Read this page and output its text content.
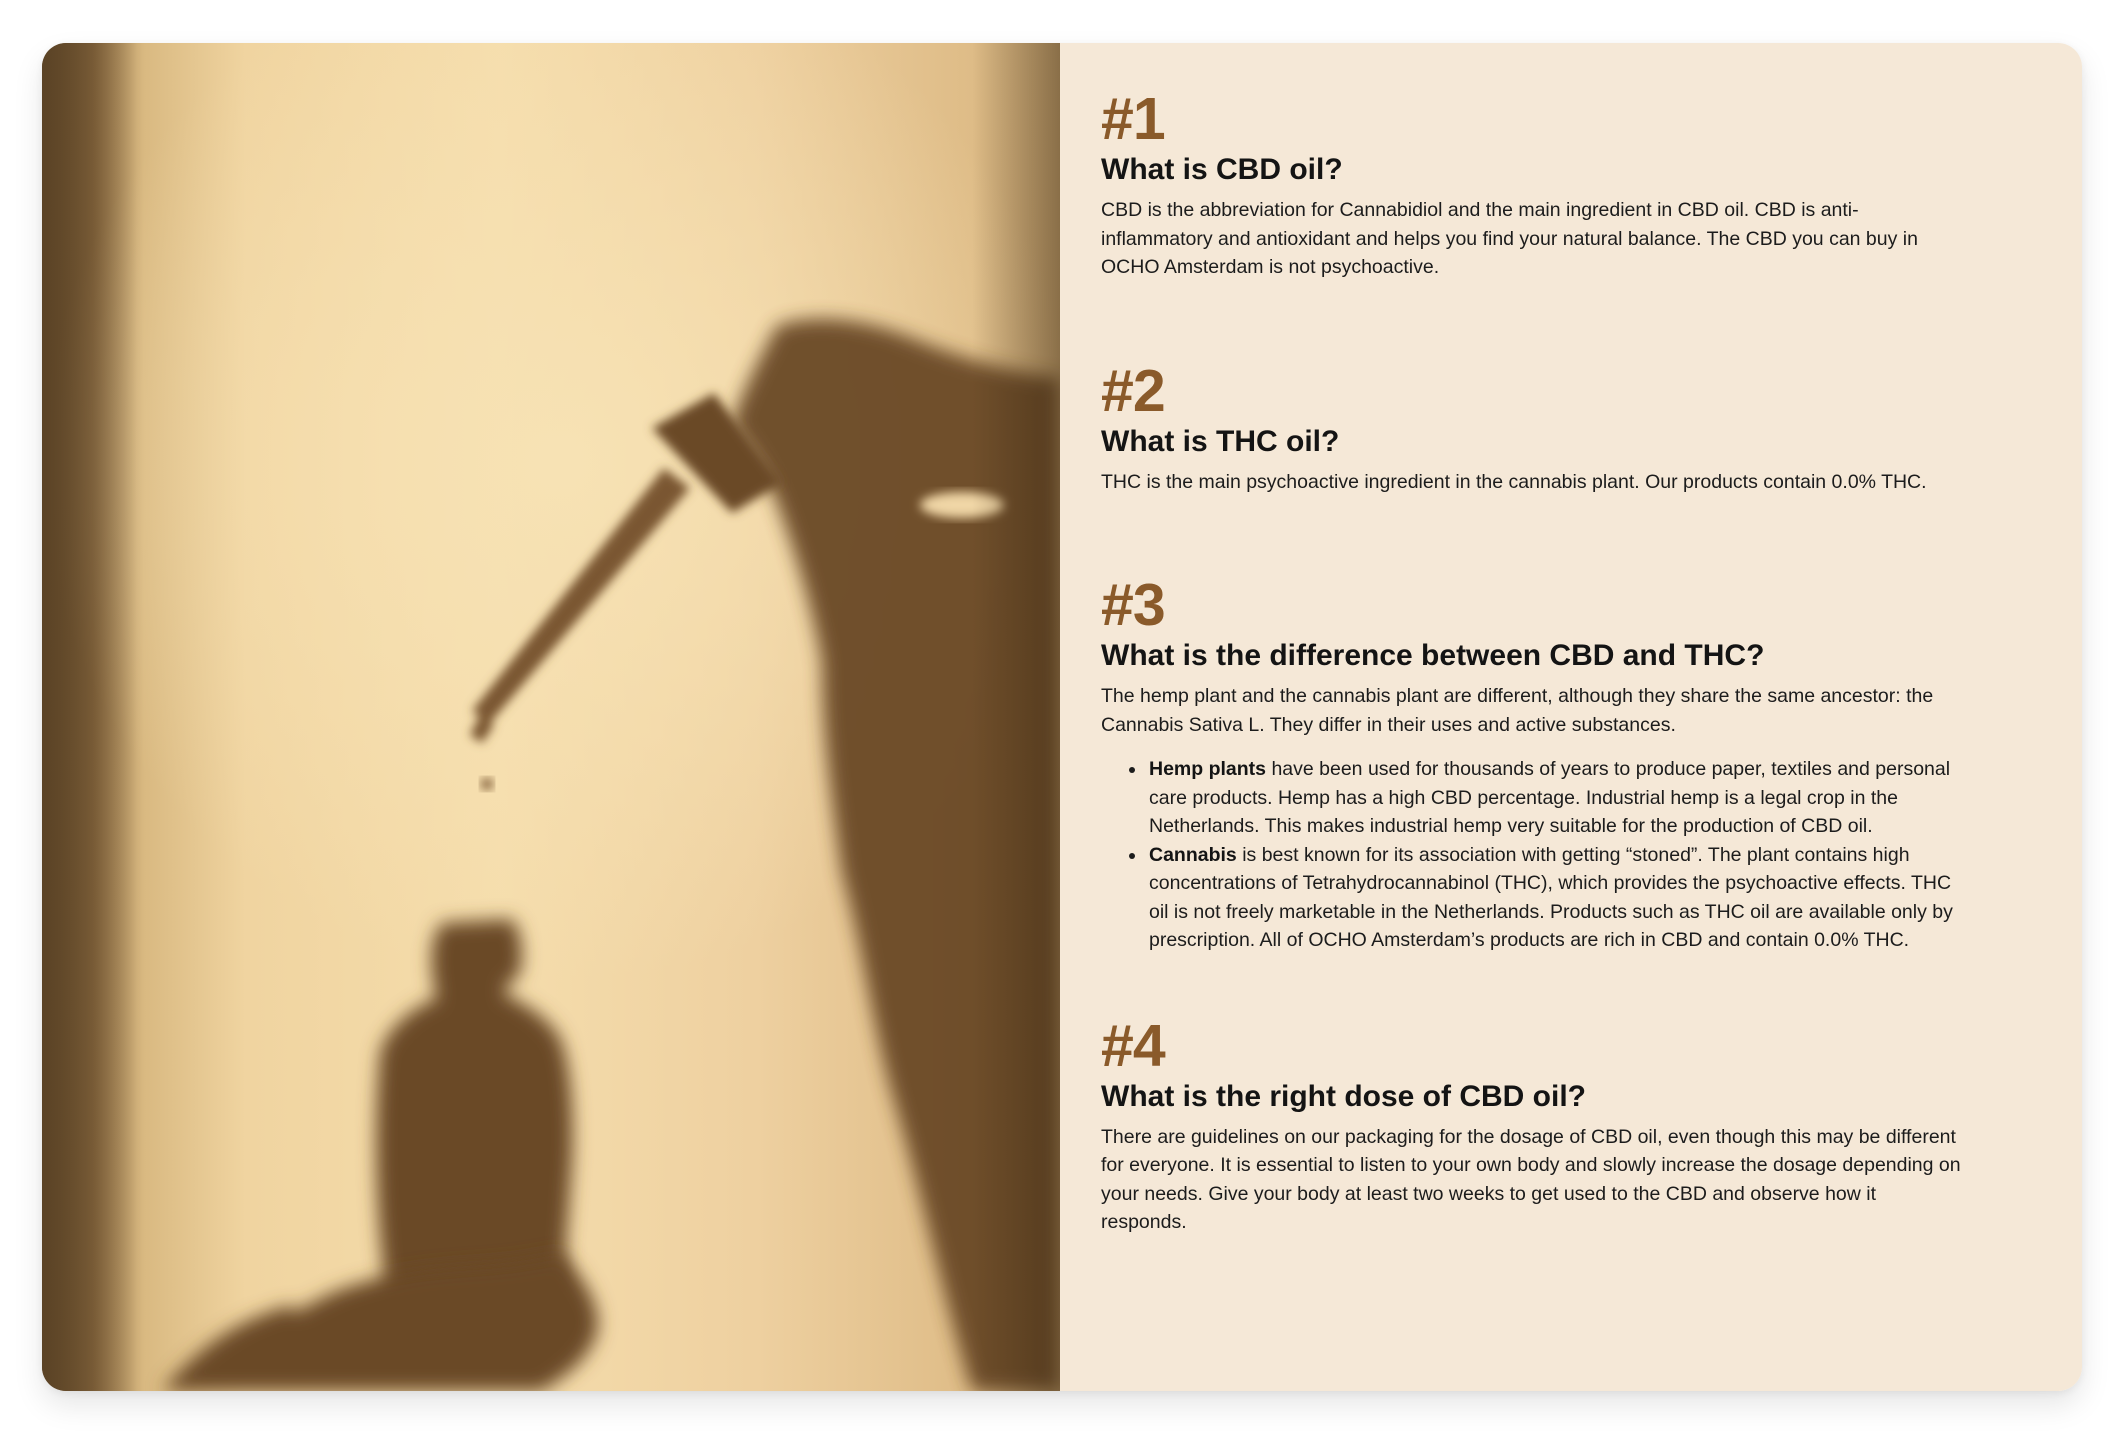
#1

What is CBD oil?

CBD is the abbreviation for Cannabidiol and the main ingredient in CBD oil. CBD is anti-inflammatory and antioxidant and helps you find your natural balance. The CBD you can buy in OCHO Amsterdam is not psychoactive.

#2

What is THC oil?

THC is the main psychoactive ingredient in the cannabis plant. Our products contain 0.0% THC.

#3

What is the difference between CBD and THC?

The hemp plant and the cannabis plant are different, although they share the same ancestor: the Cannabis Sativa L. They differ in their uses and active substances.

Hemp plants have been used for thousands of years to produce paper, textiles and personal care products. Hemp has a high CBD percentage. Industrial hemp is a legal crop in the Netherlands. This makes industrial hemp very suitable for the production of CBD oil.
Cannabis is best known for its association with getting “stoned”. The plant contains high concentrations of Tetrahydrocannabinol (THC), which provides the psychoactive effects. THC oil is not freely marketable in the Netherlands. Products such as THC oil are available only by prescription. All of OCHO Amsterdam’s products are rich in CBD and contain 0.0% THC.

#4

What is the right dose of CBD oil?

There are guidelines on our packaging for the dosage of CBD oil, even though this may be different for everyone. It is essential to listen to your own body and slowly increase the dosage depending on your needs. Give your body at least two weeks to get used to the CBD and observe how it responds.
